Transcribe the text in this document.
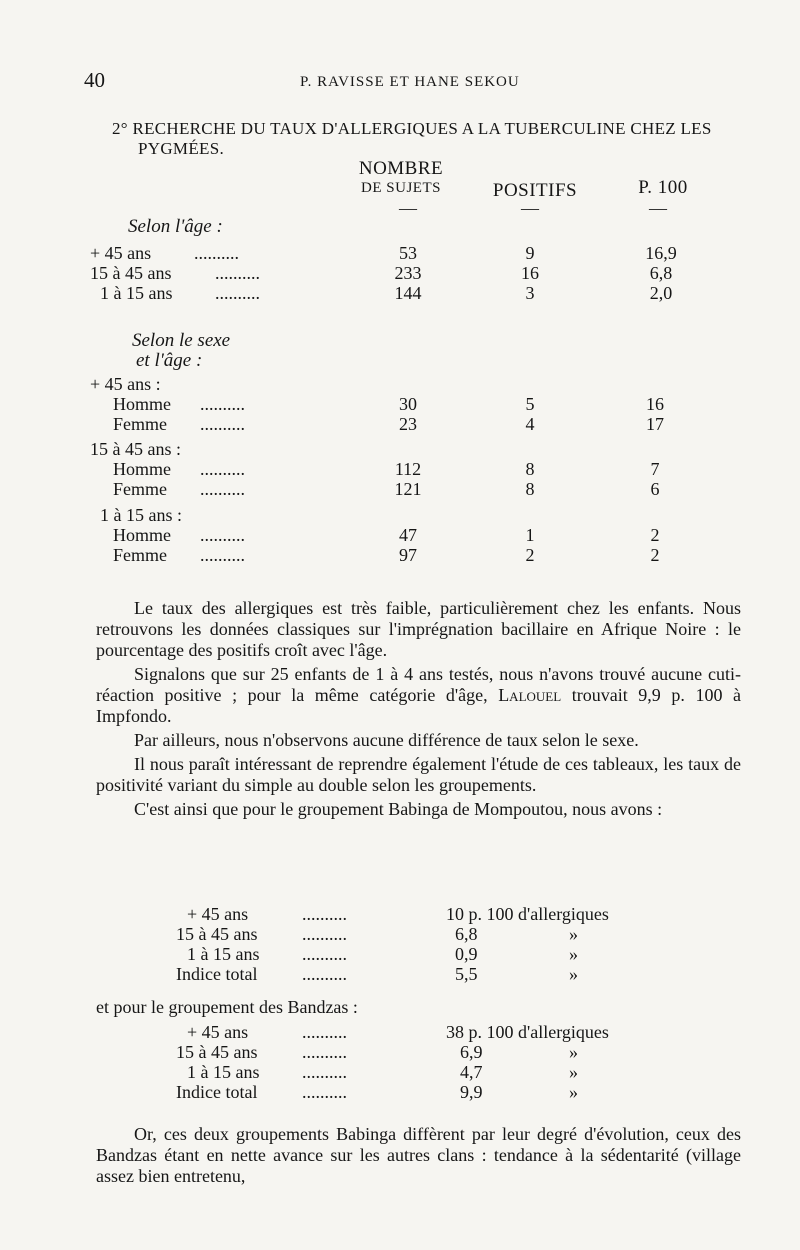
40	P. RAVISSE ET HANE SEKOU
2° RECHERCHE DU TAUX D'ALLERGIQUES A LA TUBERCULINE CHEZ LES
PYGMÉES.
NOMBRE
DE SUJETS	POSITIFS	P. 100
—	—	—
Selon l'âge :
+ 45 ans ..........	53	9	16,9
15 à 45 ans ..........	233	16	6,8
1 à 15 ans ..........	144	3	2,0
Selon le sexe
et l'âge :
+ 45 ans :
Homme ..........	30	5	16
Femme ..........	23	4	17
15 à 45 ans :
Homme ..........	112	8	7
Femme ..........	121	8	6
1 à 15 ans :
Homme ..........	47	1	2
Femme ..........	97	2	2

Le taux des allergiques est très faible, particulièrement chez les enfants. Nous retrouvons les données classiques sur l'imprégnation bacillaire en Afrique Noire : le pourcentage des positifs croît avec l'âge.

Signalons que sur 25 enfants de 1 à 4 ans testés, nous n'avons trouvé aucune cuti-réaction positive ; pour la même catégorie d'âge, Lalouel trouvait 9,9 p. 100 à Impfondo.

Par ailleurs, nous n'observons aucune différence de taux selon le sexe.

Il nous paraît intéressant de reprendre également l'étude de ces tableaux, les taux de positivité variant du simple au double selon les groupements.

C'est ainsi que pour le groupement Babinga de Mompoutou, nous avons :

+ 45 ans	..........	10 p. 100 d'allergiques
15 à 45 ans ..........	6,8	»
1 à 15 ans ..........	0,9	»
Indice total ..........	5,5	»

et pour le groupement des Bandzas :

+ 45 ans	..........	38 p. 100 d'allergiques
15 à 45 ans ..........	6,9	»
1 à 15 ans ..........	4,7	»
Indice total ..........	9,9	»

Or, ces deux groupements Babinga diffèrent par leur degré d'évolution, ceux des Bandzas étant en nette avance sur les autres clans : tendance à la sédentarité (village assez bien entretenu,
